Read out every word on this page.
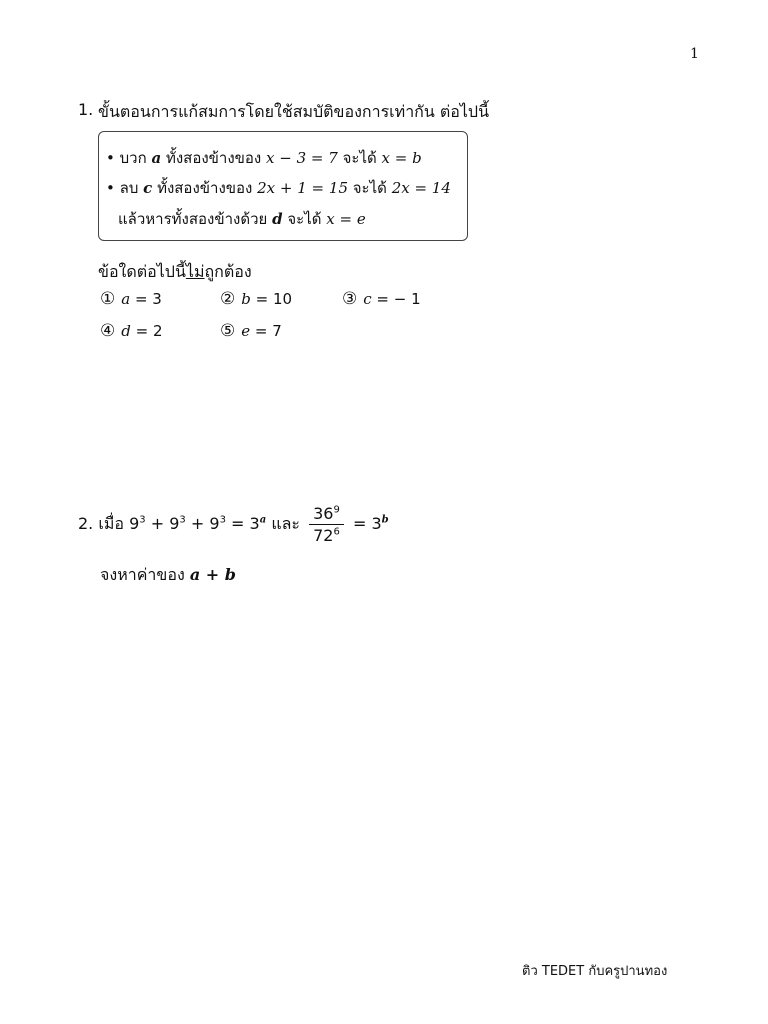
1
1. ขั้นตอนการแก้สมการโดยใช้สมบัติของการเท่ากัน ต่อไปนี้
• บวก a ทั้งสองข้างของ x − 3 = 7 จะได้ x = b
• ลบ c ทั้งสองข้างของ 2x + 1 = 15 จะได้ 2x = 14
แล้วหารทั้งสองข้างด้วย d จะได้ x = e
ข้อใดต่อไปนี้ไม่ถูกต้อง
① a = 3	② b = 10	③ c = − 1
④ d = 2	⑤ e = 7
2. เมื่อ $9^3 + 9^3 + 9^3 = 3^a$ และ $\frac{36^9}{72^6} = 3^b$
จงหาค่าของ a + b
ติว TEDET กับครูปานทอง
